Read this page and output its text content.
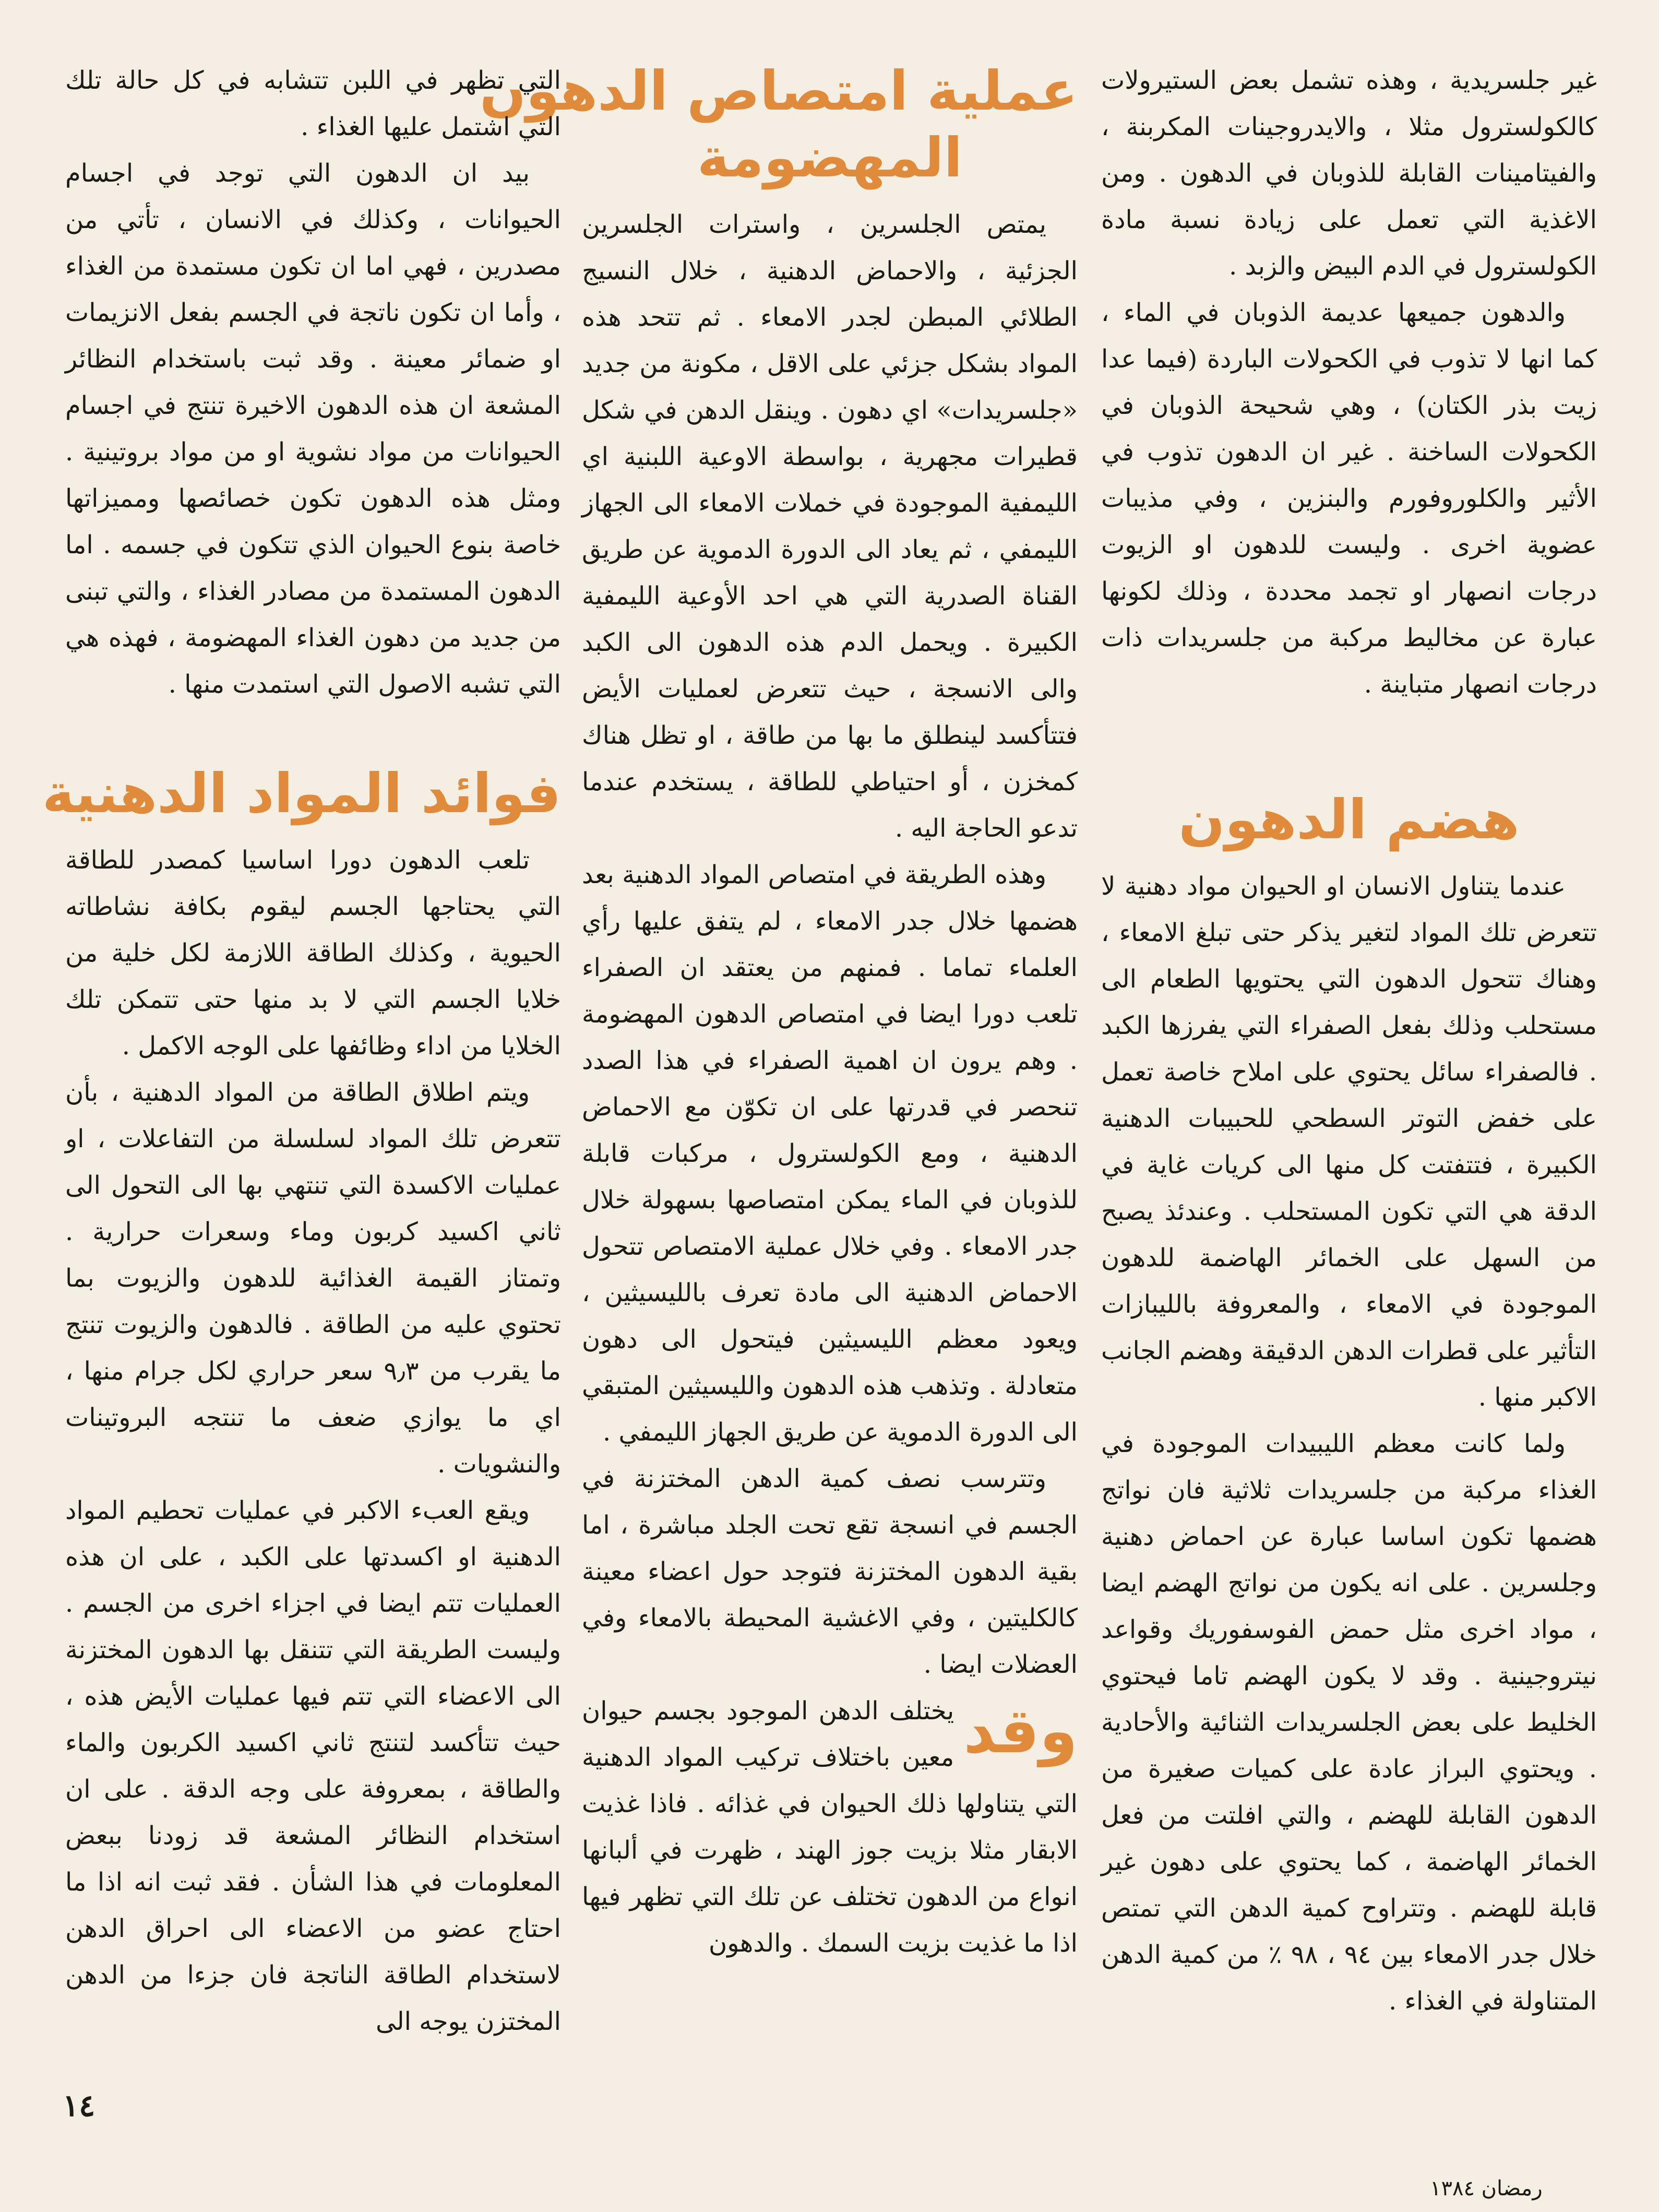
غير جلسريدية ، وهذه تشمل بعض الستيرولات كالكولسترول مثلا ، والايدروجينات المكربنة ، والفيتامينات القابلة للذوبان في الدهون . ومن الاغذية التي تعمل على زيادة نسبة مادة الكولسترول في الدم البيض والزبد .

والدهون جميعها عديمة الذوبان في الماء ، كما انها لا تذوب في الكحولات الباردة (فيما عدا زيت بذر الكتان) ، وهي شحيحة الذوبان في الكحولات الساخنة . غير ان الدهون تذوب في الأثير والكلوروفورم والبنزين ، وفي مذيبات عضوية اخرى . وليست للدهون او الزيوت درجات انصهار او تجمد محددة ، وذلك لكونها عبارة عن مخاليط مركبة من جلسريدات ذات درجات انصهار متباينة .

هضم الدهون

عندما يتناول الانسان او الحيوان مواد دهنية لا تتعرض تلك المواد لتغير يذكر حتى تبلغ الامعاء ، وهناك تتحول الدهون التي يحتويها الطعام الى مستحلب وذلك بفعل الصفراء التي يفرزها الكبد . فالصفراء سائل يحتوي على املاح خاصة تعمل على خفض التوتر السطحي للحبيبات الدهنية الكبيرة ، فتتفتت كل منها الى كريات غاية في الدقة هي التي تكون المستحلب . وعندئذ يصبح من السهل على الخمائر الهاضمة للدهون الموجودة في الامعاء ، والمعروفة بالليبازات التأثير على قطرات الدهن الدقيقة وهضم الجانب الاكبر منها .

ولما كانت معظم الليبيدات الموجودة في الغذاء مركبة من جلسريدات ثلاثية فان نواتج هضمها تكون اساسا عبارة عن احماض دهنية وجلسرين . على انه يكون من نواتج الهضم ايضا ، مواد اخرى مثل حمض الفوسفوريك وقواعد نيتروجينية . وقد لا يكون الهضم تاما فيحتوي الخليط على بعض الجلسريدات الثنائية والأحادية . ويحتوي البراز عادة على كميات صغيرة من الدهون القابلة للهضم ، والتي افلتت من فعل الخمائر الهاضمة ، كما يحتوي على دهون غير قابلة للهضم . وتتراوح كمية الدهن التي تمتص خلال جدر الامعاء بين ٩٤ ، ٩٨ ٪ من كمية الدهن المتناولة في الغذاء .

عملية امتصاص الدهون
المهضومة

يمتص الجلسرين ، واسترات الجلسرين الجزئية ، والاحماض الدهنية ، خلال النسيج الطلائي المبطن لجدر الامعاء . ثم تتحد هذه المواد بشكل جزئي على الاقل ، مكونة من جديد «جلسريدات» اي دهون . وينقل الدهن في شكل قطيرات مجهرية ، بواسطة الاوعية اللبنية اي الليمفية الموجودة في خملات الامعاء الى الجهاز الليمفي ، ثم يعاد الى الدورة الدموية عن طريق القناة الصدرية التي هي احد الأوعية الليمفية الكبيرة . ويحمل الدم هذه الدهون الى الكبد والى الانسجة ، حيث تتعرض لعمليات الأيض فتتأكسد لينطلق ما بها من طاقة ، او تظل هناك كمخزن ، أو احتياطي للطاقة ، يستخدم عندما تدعو الحاجة اليه .

وهذه الطريقة في امتصاص المواد الدهنية بعد هضمها خلال جدر الامعاء ، لم يتفق عليها رأي العلماء تماما . فمنهم من يعتقد ان الصفراء تلعب دورا ايضا في امتصاص الدهون المهضومة . وهم يرون ان اهمية الصفراء في هذا الصدد تنحصر في قدرتها على ان تكوّن مع الاحماض الدهنية ، ومع الكولسترول ، مركبات قابلة للذوبان في الماء يمكن امتصاصها بسهولة خلال جدر الامعاء . وفي خلال عملية الامتصاص تتحول الاحماض الدهنية الى مادة تعرف بالليسيثين ، ويعود معظم الليسيثين فيتحول الى دهون متعادلة . وتذهب هذه الدهون والليسيثين المتبقي الى الدورة الدموية عن طريق الجهاز الليمفي .

وتترسب نصف كمية الدهن المختزنة في الجسم في انسجة تقع تحت الجلد مباشرة ، اما بقية الدهون المختزنة فتوجد حول اعضاء معينة كالكليتين ، وفي الاغشية المحيطة بالامعاء وفي العضلات ايضا .

وقد
يختلف الدهن الموجود بجسم حيوان معين باختلاف تركيب المواد الدهنية التي يتناولها ذلك الحيوان في غذائه . فاذا غذيت الابقار مثلا بزيت جوز الهند ، ظهرت في ألبانها انواع من الدهون تختلف عن تلك التي تظهر فيها اذا ما غذيت بزيت السمك . والدهون

التي تظهر في اللبن تتشابه في كل حالة تلك التي اشتمل عليها الغذاء .

بيد ان الدهون التي توجد في اجسام الحيوانات ، وكذلك في الانسان ، تأتي من مصدرين ، فهي اما ان تكون مستمدة من الغذاء ، وأما ان تكون ناتجة في الجسم بفعل الانزيمات او ضمائر معينة . وقد ثبت باستخدام النظائر المشعة ان هذه الدهون الاخيرة تنتج في اجسام الحيوانات من مواد نشوية او من مواد بروتينية . ومثل هذه الدهون تكون خصائصها ومميزاتها خاصة بنوع الحيوان الذي تتكون في جسمه . اما الدهون المستمدة من مصادر الغذاء ، والتي تبنى من جديد من دهون الغذاء المهضومة ، فهذه هي التي تشبه الاصول التي استمدت منها .

فوائد المواد الدهنية

تلعب الدهون دورا اساسيا كمصدر للطاقة التي يحتاجها الجسم ليقوم بكافة نشاطاته الحيوية ، وكذلك الطاقة اللازمة لكل خلية من خلايا الجسم التي لا بد منها حتى تتمكن تلك الخلايا من اداء وظائفها على الوجه الاكمل .

ويتم اطلاق الطاقة من المواد الدهنية ، بأن تتعرض تلك المواد لسلسلة من التفاعلات ، او عمليات الاكسدة التي تنتهي بها الى التحول الى ثاني اكسيد كربون وماء وسعرات حرارية . وتمتاز القيمة الغذائية للدهون والزيوت بما تحتوي عليه من الطاقة . فالدهون والزيوت تنتج ما يقرب من ٩٫٣ سعر حراري لكل جرام منها ، اي ما يوازي ضعف ما تنتجه البروتينات والنشويات .

ويقع العبء الاكبر في عمليات تحطيم المواد الدهنية او اكسدتها على الكبد ، على ان هذه العمليات تتم ايضا في اجزاء اخرى من الجسم . وليست الطريقة التي تتنقل بها الدهون المختزنة الى الاعضاء التي تتم فيها عمليات الأيض هذه ، حيث تتأكسد لتنتج ثاني اكسيد الكربون والماء والطاقة ، بمعروفة على وجه الدقة . على ان استخدام النظائر المشعة قد زودنا ببعض المعلومات في هذا الشأن . فقد ثبت انه اذا ما احتاج عضو من الاعضاء الى احراق الدهن لاستخدام الطاقة الناتجة فان جزءا من الدهن المختزن يوجه الى

١٤
رمضان ١٣٨٤
